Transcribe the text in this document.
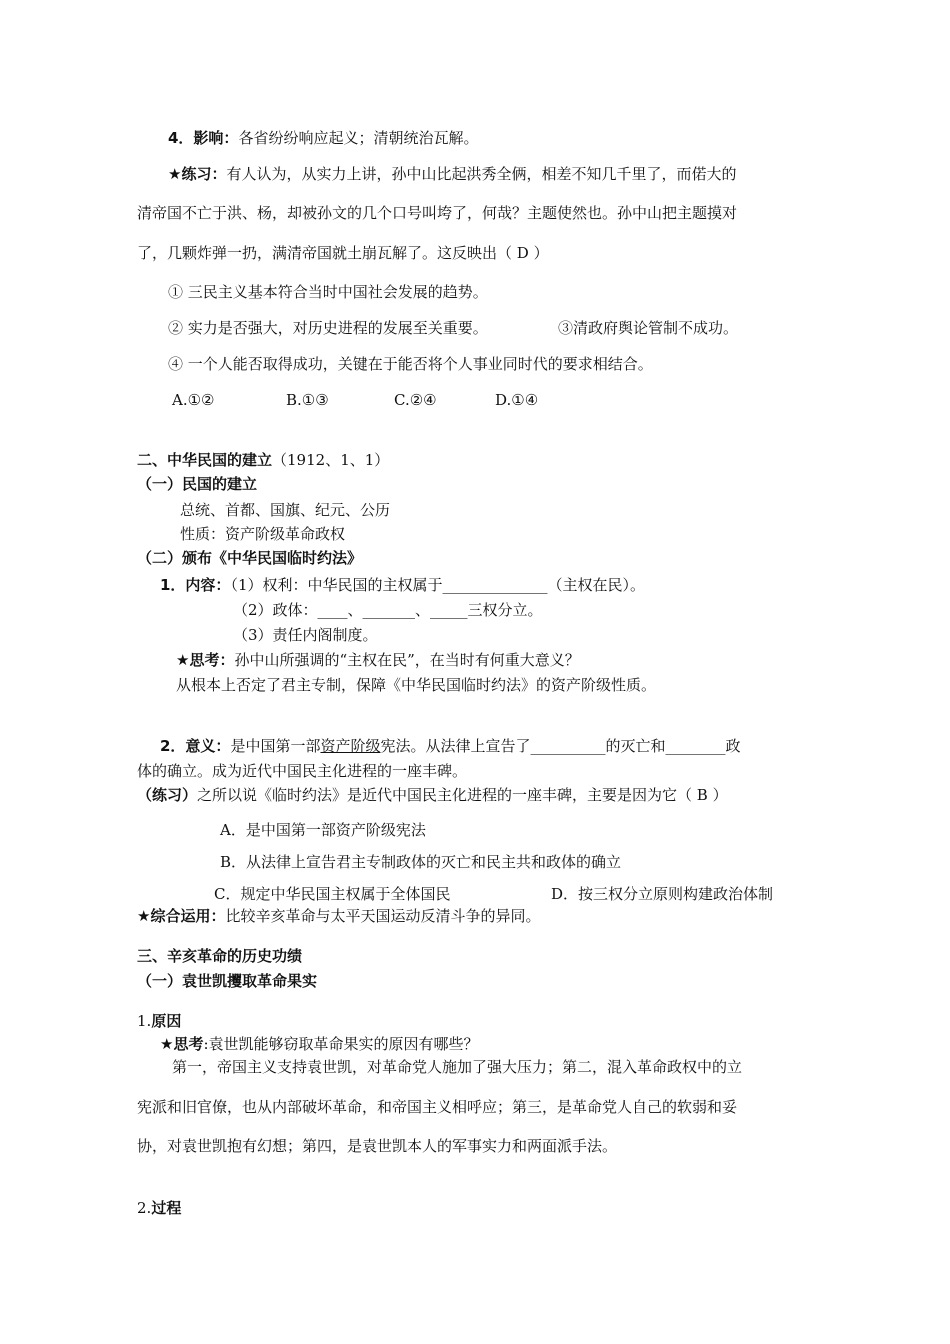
4．影响：各省纷纷响应起义；清朝统治瓦解。
★练习：有人认为，从实力上讲，孙中山比起洪秀全俩，相差不知几千里了，而偌大的
清帝国不亡于洪、杨，却被孙文的几个口号叫垮了，何哉？主题使然也。孙中山把主题摸对
了，几颗炸弹一扔，满清帝国就土崩瓦解了。这反映出（ D ）
① 三民主义基本符合当时中国社会发展的趋势。
② 实力是否强大，对历史进程的发展至关重要。	③清政府舆论管制不成功。
④ 一个人能否取得成功，关键在于能否将个人事业同时代的要求相结合。
A.①②	B.①③	C.②④	D.①④
二、中华民国的建立（1912、1、1）
（一）民国的建立
总统、首都、国旗、纪元、公历
性质：资产阶级革命政权
（二）颁布《中华民国临时约法》
1．内容：（1）权利：中华民国的主权属于______________（主权在民）。
（2）政体：____、_______、_____三权分立。
（3）责任内阁制度。
★思考：孙中山所强调的“主权在民”，在当时有何重大意义？
从根本上否定了君主专制，保障《中华民国临时约法》的资产阶级性质。
2．意义：是中国第一部资产阶级宪法。从法律上宣告了__________的灭亡和________政
体的确立。成为近代中国民主化进程的一座丰碑。
（练习）之所以说《临时约法》是近代中国民主化进程的一座丰碑，主要是因为它（ B ）
A．是中国第一部资产阶级宪法
B．从法律上宣告君主专制政体的灭亡和民主共和政体的确立
C．规定中华民国主权属于全体国民	D．按三权分立原则构建政治体制
★综合运用：比较辛亥革命与太平天国运动反清斗争的异同。
三、辛亥革命的历史功绩
（一）袁世凯攫取革命果实
1.原因
★思考:袁世凯能够窃取革命果实的原因有哪些？
第一，帝国主义支持袁世凯，对革命党人施加了强大压力；第二，混入革命政权中的立
宪派和旧官僚，也从内部破坏革命，和帝国主义相呼应；第三，是革命党人自己的软弱和妥
协，对袁世凯抱有幻想；第四，是袁世凯本人的军事实力和两面派手法。
2.过程
